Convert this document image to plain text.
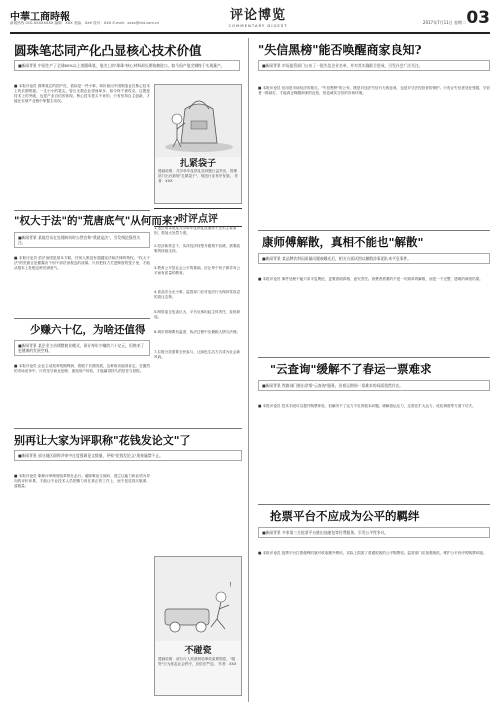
中華工商時報
新闻热线 010-XXXXXXXX 编辑：XXX 美编：XXX 校对：XXX E-mail：xxxx@cbt.com.cn	评论博览
COMMENTARY DIGEST
2017年7月11日 星期二 03
圆珠笔芯同产化凸显核心技术价值
■新闻背景 中国生产了全球80%以上的圆珠笔，笔尖上的"球珠"核心材料却长期依赖进口。如今国产笔尖钢终于实现量产。
■ 本报评论员 圆珠笔芯的国产化，看似是一件小事，却折射出中国制造业在核心技术上的长期短板。一支小小的笔尖，曾让无数企业望而却步，如今终于被攻克，这既是技术上的突破，也是产业自信的体现。核心技术是买不来的，只有坚持自主创新，才能在全球产业链中掌握主动权。
扎紧袋子
漫画说明：共享单车乱停乱放问题日益突出，管理部门出台新规"扎紧袋子"，规范行业有序发展。 作者：XXX
"权大于法"的"荒唐底气"从何而来?
■新闻背景 某地官员在处理纠纷时公然宣称"我就是法"，引发舆论强烈关注。
■ 本报评论员 依法治国是基本方略，任何人都没有超越宪法和法律的特权。"权大于法"的荒唐言论暴露出个别干部法治观念的淡薄。只有把权力关进制度的笼子里，才能从根本上杜绝这种荒唐底气。
时评点评
1.违法成本低是共享单车乱停乱放屡禁不止的主要原因，需加大处罚力度。
2.经济新常态下，实体经济转型升级刻不容缓，需要政策的持续支持。
3.教育公平是社会公平的基础，应让每个孩子都享有公平而有质量的教育。
4.食品安全无小事，监管部门应对违法行为保持零容忍的高压态势。
5.网络谣言危害巨大，平台应承担起主体责任，及时辟谣。
6.城市管理要有温度，执法过程中应兼顾人情与法理。
7.垃圾分类需要全民参与，让绿色生活方式成为社会新风尚。
少赚六十亿，为啥还值得
■新闻背景 某企业主动调整商业模式，预计每年少赚约六十亿元，但换来了更健康的发展空间。
■ 本报评论员 企业主动放弃短期利润，着眼于长期发展，这种取舍值得肯定。在激烈的市场竞争中，只有坚守商业伦理、重视用户体验，才能赢得持久的信任与回报。
别再让大家为评职称"花钱发论文"了
■新闻背景 部分地区职称评审中过度强调论文数量，导致"花钱发论文"现象屡禁不止。
■ 本报评论员 职称评审制度改革势在必行。破除唯论文倾向，建立以能力和业绩为导向的评价体系，才能让专业技术人员把精力用在真正的工作上，而不是花钱买版面、凑数量。
!
不碰瓷
漫画说明：部分行人故意制造事故索要赔偿，"碰瓷"行为扰乱社会秩序，应依法严惩。 作者：XXX
"失信黑榜"能否唤醒商家良知?
■新闻背景 市场监管部门公布了一批失信企业名单，并对其实施联合惩戒，引发社会广泛关注。
■ 本报评论员 信用是市场经济的基石。"失信黑榜"的公布，既是对违法失信行为的惩戒，也是对守法经营者的保护。只有让失信者处处受限，守信者一路绿灯，才能真正唤醒商家的良知，营造诚实守信的市场环境。
康师傅解散，真相不能也"解散"
■新闻背景 某品牌饮料因质量问题被曝光后，相关方面试图以解散涉事团队来平息事件。
■ 本报评论员 事件处理不能只求平息舆论，更要查明真相、追究责任。消费者需要的不是一句简单的解散，而是一个完整、透明的调查结果。
"云查询"缓解不了春运一票难求
■新闻背景 铁路部门推出余票"云查询"服务，但春运期间一票难求的局面依然存在。
■ 本报评论员 技术手段可以提升购票体验，但解决不了运力不足的根本问题。缓解春运压力，还需在扩大运力、优化调度等方面下功夫。
抢票平台不应成为公平的羁绊
■新闻背景 多家第三方抢票平台推出加速包等付费服务，引发公平性争议。
■ 本报评论员 抢票平台打着便利的旗号收取额外费用，实际上损害了普通旅客的公平购票权。监管部门应加强规范，维护公平有序的购票环境。
